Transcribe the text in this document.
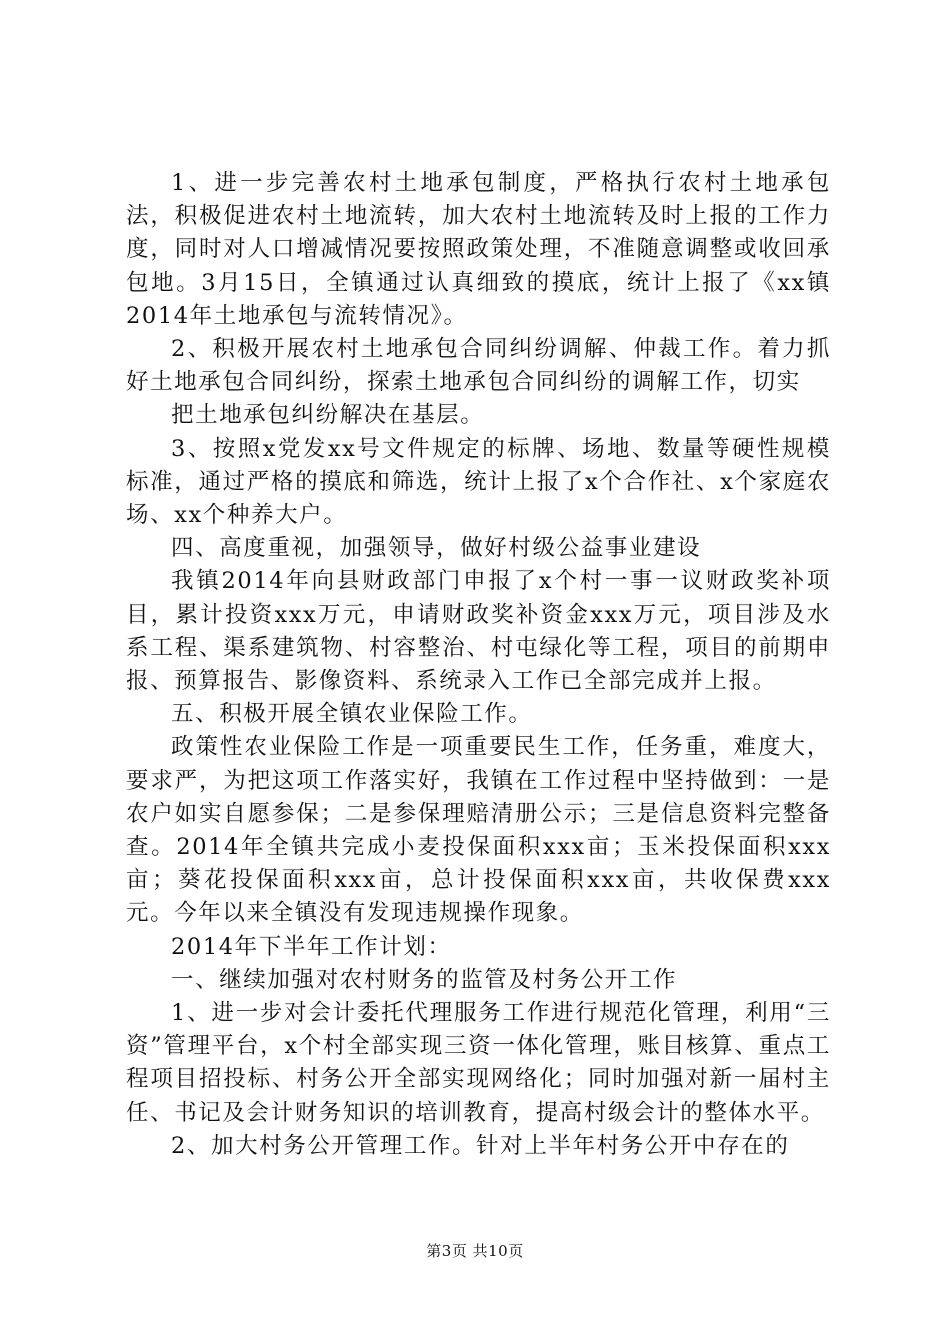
1、进一步完善农村土地承包制度，严格执行农村土地承包法，积极促进农村土地流转，加大农村土地流转及时上报的工作力度，同时对人口增减情况要按照政策处理，不准随意调整或收回承包地。3月15日，全镇通过认真细致的摸底，统计上报了《xx镇2014年土地承包与流转情况》。

2、积极开展农村土地承包合同纠纷调解、仲裁工作。着力抓好土地承包合同纠纷，探索土地承包合同纠纷的调解工作，切实

把土地承包纠纷解决在基层。

3、按照x党发xx号文件规定的标牌、场地、数量等硬性规模标准，通过严格的摸底和筛选，统计上报了x个合作社、x个家庭农场、xx个种养大户。

四、高度重视，加强领导，做好村级公益事业建设

我镇2014年向县财政部门申报了x个村一事一议财政奖补项目，累计投资xxx万元，申请财政奖补资金xxx万元，项目涉及水系工程、渠系建筑物、村容整治、村屯绿化等工程，项目的前期申报、预算报告、影像资料、系统录入工作已全部完成并上报。

五、积极开展全镇农业保险工作。

政策性农业保险工作是一项重要民生工作，任务重，难度大，要求严，为把这项工作落实好，我镇在工作过程中坚持做到：一是农户如实自愿参保；二是参保理赔清册公示；三是信息资料完整备查。2014年全镇共完成小麦投保面积xxx亩；玉米投保面积xxx亩；葵花投保面积xxx亩，总计投保面积xxx亩，共收保费xxx元。今年以来全镇没有发现违规操作现象。

2014年下半年工作计划：

一、继续加强对农村财务的监管及村务公开工作

1、进一步对会计委托代理服务工作进行规范化管理，利用“三资”管理平台，x个村全部实现三资一体化管理，账目核算、重点工程项目招投标、村务公开全部实现网络化；同时加强对新一届村主任、书记及会计财务知识的培训教育，提高村级会计的整体水平。

2、加大村务公开管理工作。针对上半年村务公开中存在的

第3页 共10页
